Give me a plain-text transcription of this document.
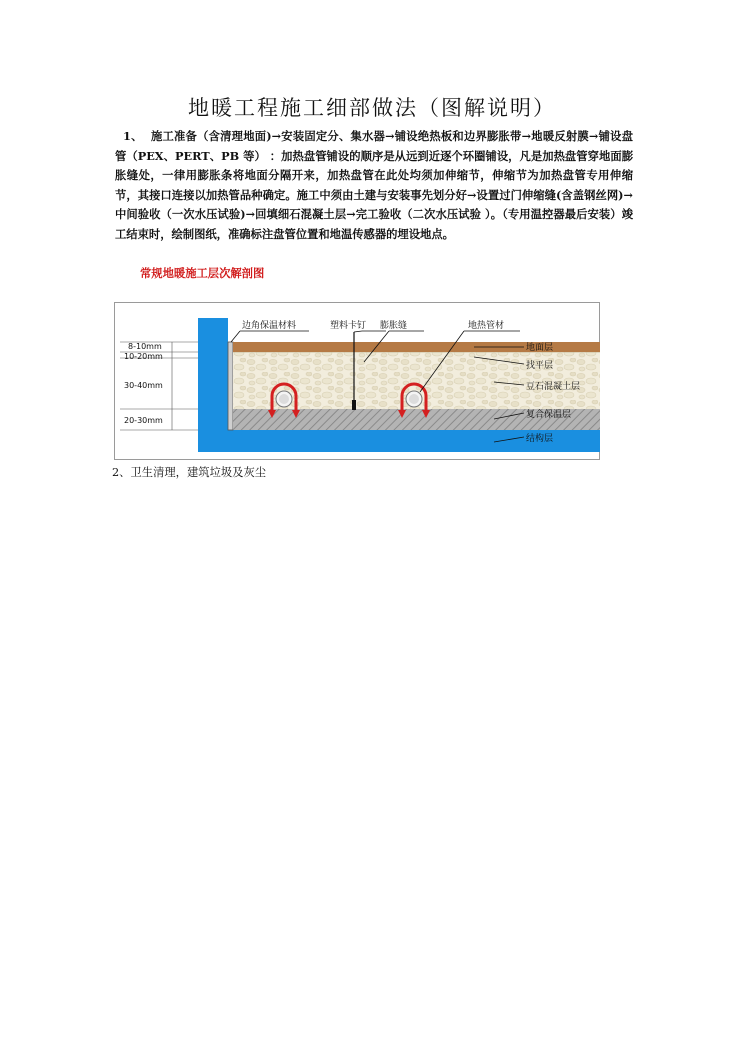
地暖工程施工细部做法（图解说明）
1、 施工准备（含清理地面)→安装固定分、集水器→铺设绝热板和边界膨胀带→地暖反射膜→铺设盘管（PEX、PERT、PB 等） ：加热盘管铺设的顺序是从远到近逐个环圈铺设，凡是加热盘管穿地面膨胀缝处，一律用膨胀条将地面分隔开来，加热盘管在此处均须加伸缩节，伸缩节为加热盘管专用伸缩节，其接口连接以加热管品种确定。施工中须由土建与安装事先划分好→设置过门伸缩缝(含盖钢丝网)→中间验收（一次水压试验)→回填细石混凝土层→完工验收（二次水压试验 ）。（专用温控器最后安装）竣工结束时，绘制图纸，准确标注盘管位置和地温传感器的埋设地点。
常规地暖施工层次解剖图
边角保温材料	塑料卡钉 膨胀缝	地热管材
地面层
找平层
豆石混凝土层
复合保温层
结构层
8-10mm
10-20mm
30-40mm
20-30mm
2、卫生清理，建筑垃圾及灰尘
